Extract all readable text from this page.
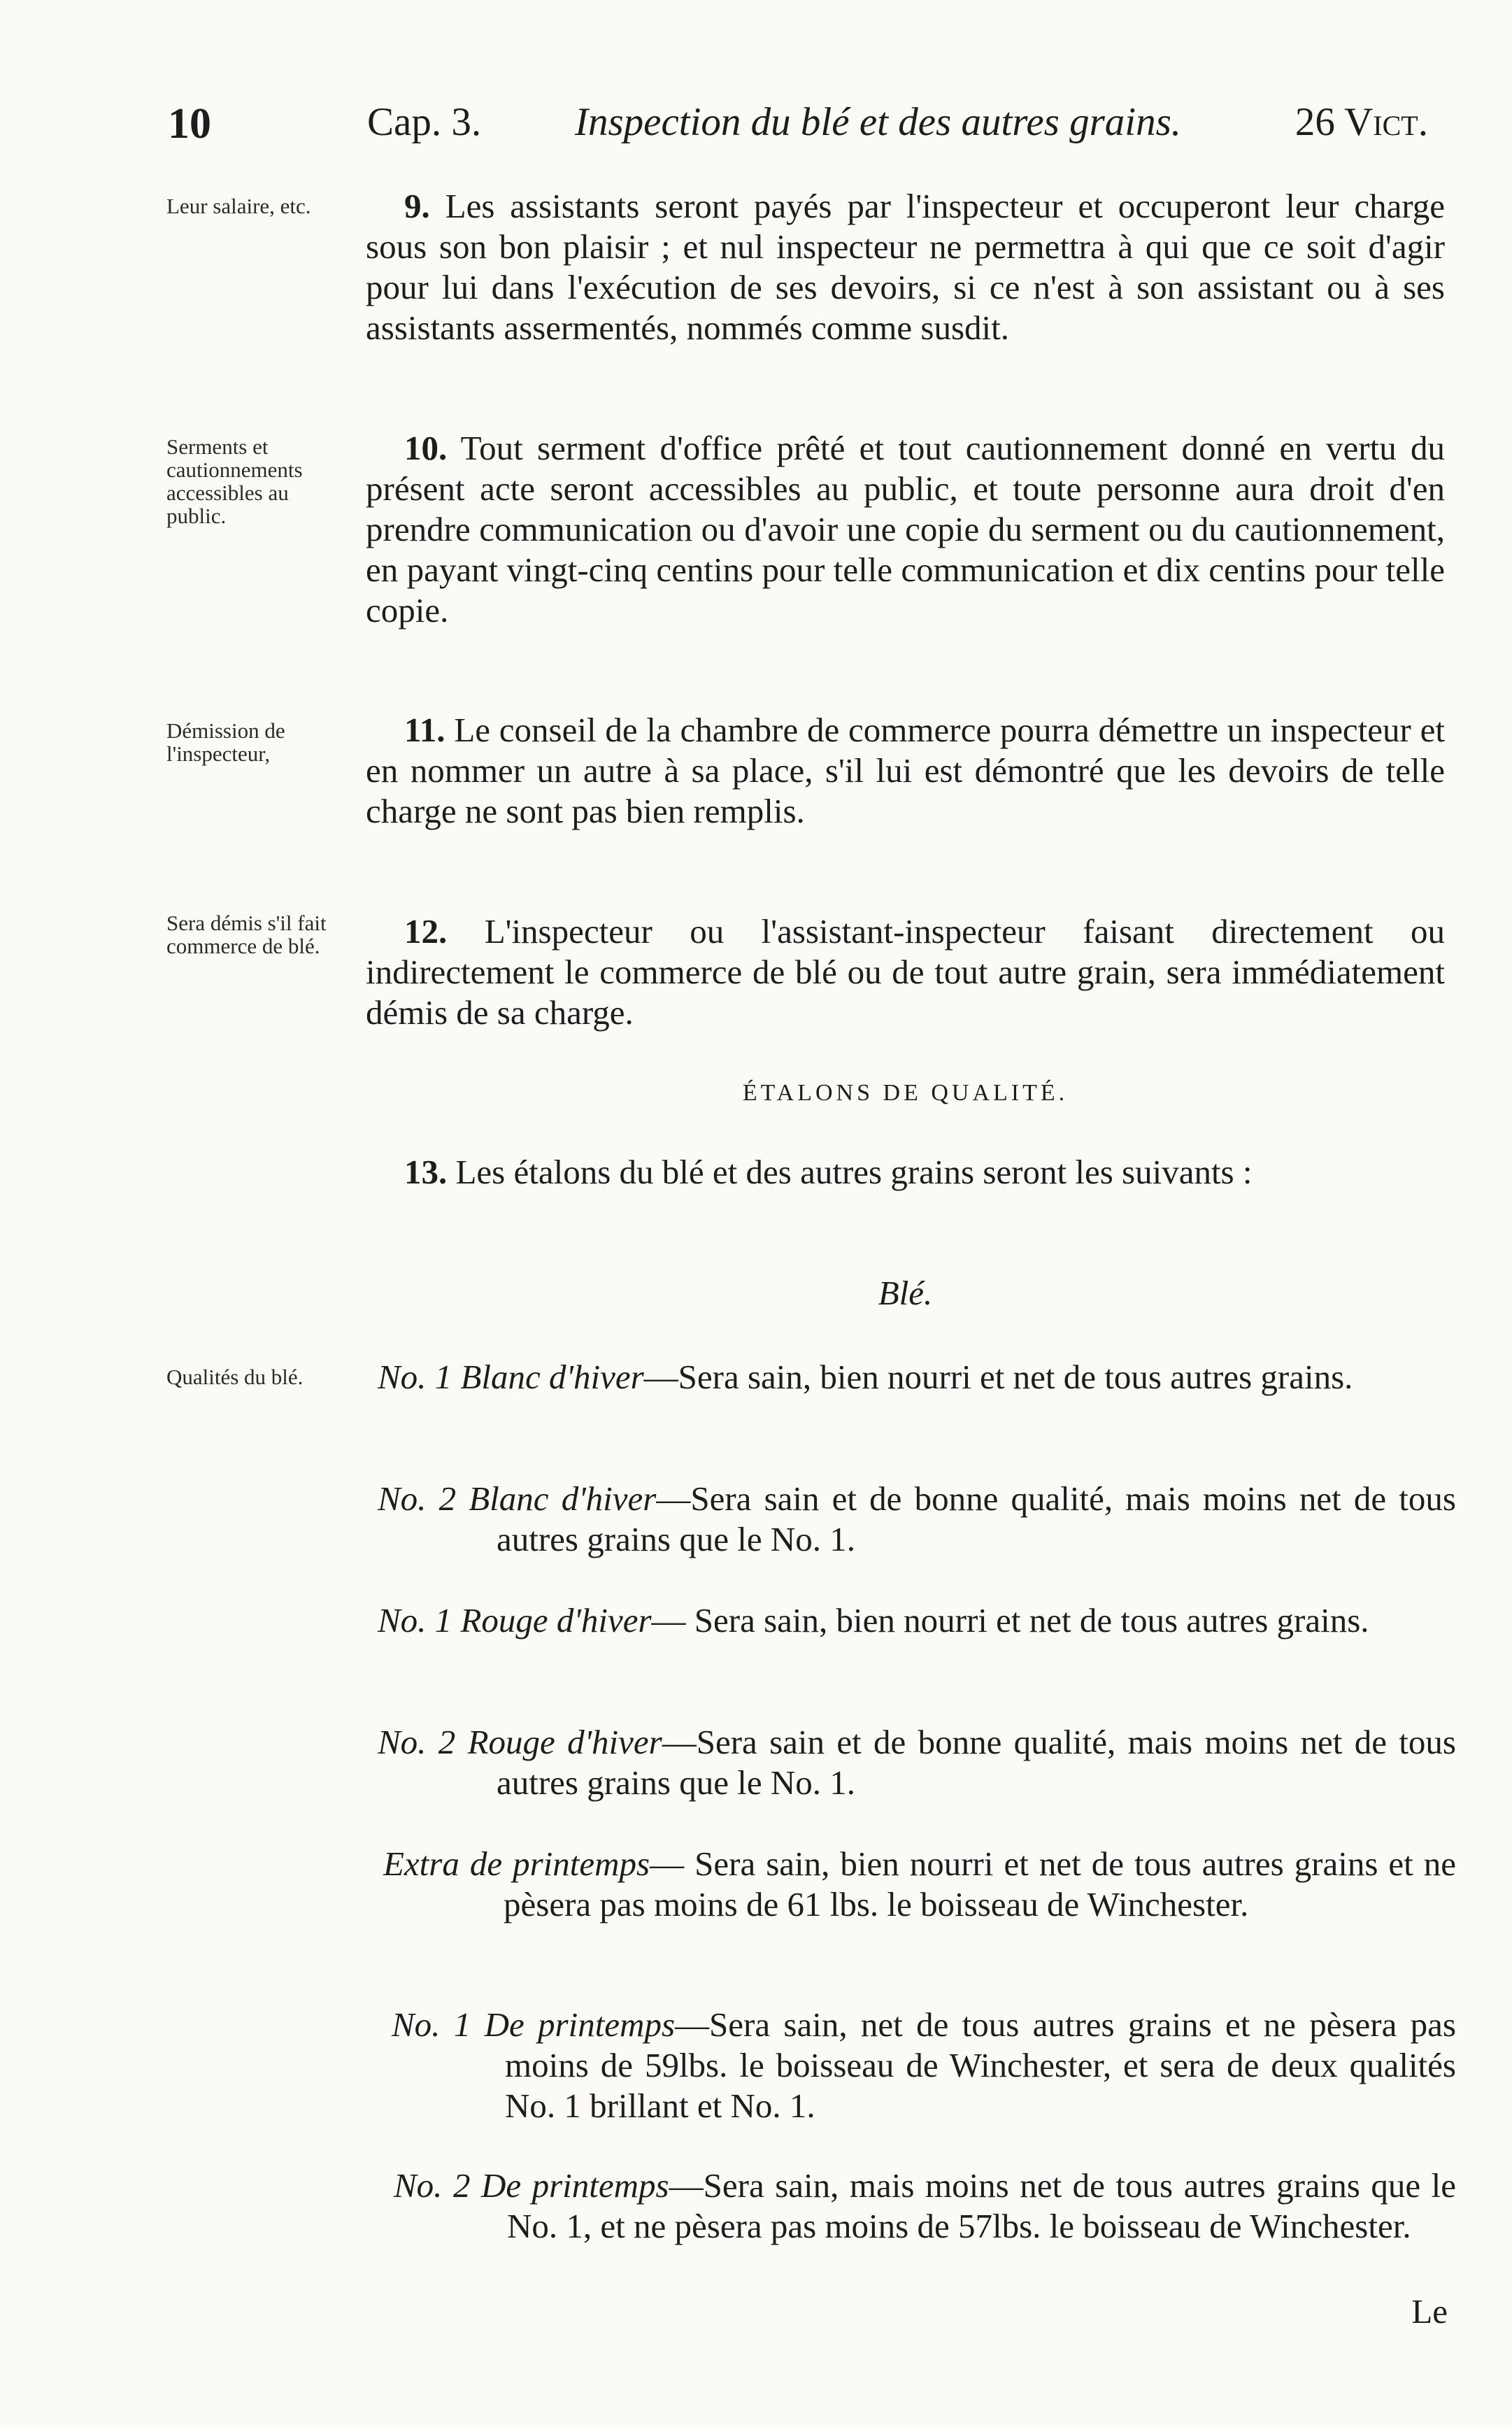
10	Cap. 3. Inspection du blé et des autres grains.	26 Vict.
Leur salaire, etc.
Serments et cautionnements accessibles au public.
Démission de l'inspecteur,
Sera démis s'il fait commerce de blé.
Qualités du blé.
9. Les assistants seront payés par l'inspecteur et occuperont leur charge sous son bon plaisir ; et nul inspecteur ne permettra à qui que ce soit d'agir pour lui dans l'exécution de ses devoirs, si ce n'est à son assistant ou à ses assistants assermentés, nommés comme susdit.
10. Tout serment d'office prêté et tout cautionnement donné en vertu du présent acte seront accessibles au public, et toute personne aura droit d'en prendre communication ou d'avoir une copie du serment ou du cautionnement, en payant vingt-cinq centins pour telle communication et dix centins pour telle copie.
11. Le conseil de la chambre de commerce pourra démettre un inspecteur et en nommer un autre à sa place, s'il lui est démontré que les devoirs de telle charge ne sont pas bien remplis.
12. L'inspecteur ou l'assistant-inspecteur faisant directement ou indirectement le commerce de blé ou de tout autre grain, sera immédiatement démis de sa charge.
ÉTALONS DE QUALITÉ.
13. Les étalons du blé et des autres grains seront les suivants :
Blé.
No. 1 Blanc d'hiver—Sera sain, bien nourri et net de tous autres grains.
No. 2 Blanc d'hiver—Sera sain et de bonne qualité, mais moins net de tous autres grains que le No. 1.
No. 1 Rouge d'hiver— Sera sain, bien nourri et net de tous autres grains.
No. 2 Rouge d'hiver—Sera sain et de bonne qualité, mais moins net de tous autres grains que le No. 1.
Extra de printemps— Sera sain, bien nourri et net de tous autres grains et ne pèsera pas moins de 61 lbs. le boisseau de Winchester.
No. 1 De printemps—Sera sain, net de tous autres grains et ne pèsera pas moins de 59lbs. le boisseau de Winchester, et sera de deux qualités No. 1 brillant et No. 1.
No. 2 De printemps—Sera sain, mais moins net de tous autres grains que le No. 1, et ne pèsera pas moins de 57lbs. le boisseau de Winchester.
Le
